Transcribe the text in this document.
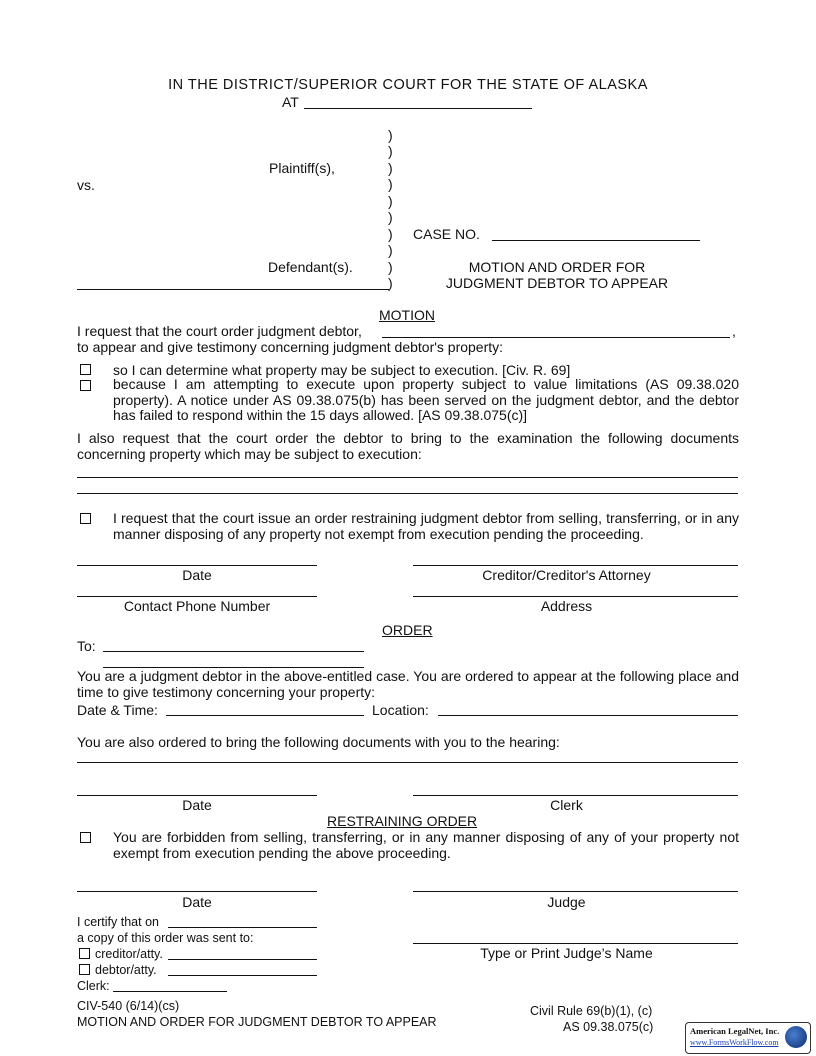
IN THE DISTRICT/SUPERIOR COURT FOR THE STATE OF ALASKA
AT
)
)
)
)
)
)
)
)
)
)
Plaintiff(s),
vs.
Defendant(s).
CASE NO.
MOTION AND ORDER FOR
JUDGMENT DEBTOR TO APPEAR
MOTION
I request that the court order judgment debtor,	,
to appear and give testimony concerning judgment debtor's property:
so I can determine what property may be subject to execution. [Civ. R. 69]
because I am attempting to execute upon property subject to value limitations (AS 09.38.020 property). A notice under AS 09.38.075(b) has been served on the judgment debtor, and the debtor has failed to respond within the 15 days allowed. [AS 09.38.075(c)]
I also request that the court order the debtor to bring to the examination the following documents concerning property which may be subject to execution:
I request that the court issue an order restraining judgment debtor from selling, transferring, or in any manner disposing of any property not exempt from execution pending the proceeding.
Date	Creditor/Creditor's Attorney
Contact Phone Number	Address
ORDER
To:
You are a judgment debtor in the above-entitled case. You are ordered to appear at the following place and time to give testimony concerning your property:
Date & Time:	Location:
You are also ordered to bring the following documents with you to the hearing:
Date	Clerk
RESTRAINING ORDER
You are forbidden from selling, transferring, or in any manner disposing of any of your property not exempt from execution pending the above proceeding.
Date	Judge
I certify that on
a copy of this order was sent to:
creditor/atty.
debtor/atty.
Clerk:
Type or Print Judge’s Name
CIV-540 (6/14)(cs)
MOTION AND ORDER FOR JUDGMENT DEBTOR TO APPEAR
Civil Rule 69(b)(1), (c)
AS 09.38.075(c)	American LegalNet, Inc.
www.FormsWorkFlow.com
